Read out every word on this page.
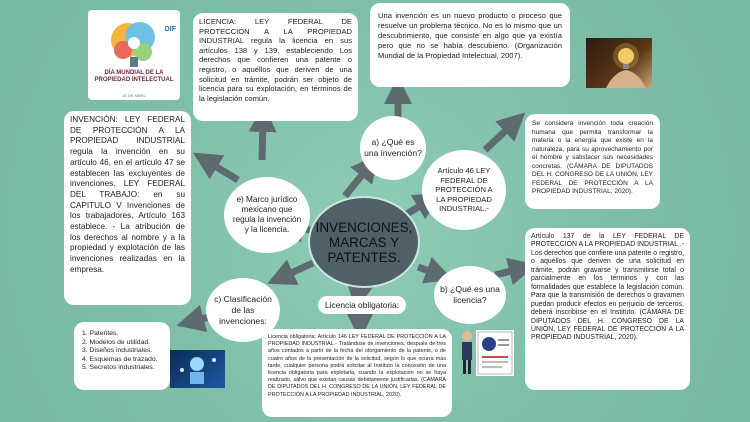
DIF
DÍA MUNDIAL DE LA PROPIEDAD INTELECTUAL
26 DE ABRIL
LICENCIA: LEY FEDERAL DE PROTECCIÓN A LA PROPIEDAD INDUSTRIAL regula la licencia en sus artículos 138 y 139, estableciendo Los derechos que confieren una patente o registro, o aquéllos que deriven de una solicitud en trámite, podrán ser objeto de licencia para su explotación, en términos de la legislación común.
Una invención es un nuevo producto o proceso que resuelve un problema técnico. No es lo mismo que un descubrimiento, que consiste en algo que ya existía pero que no se había descubierto. (Organización Mundial de la Propiedad Intelectual, 2007).
INVENCIÓN: LEY FEDERAL DE PROTECCIÓN A LA PROPIEDAD INDUSTRIAL regula la invención en su artículo 46, en el artículo 47 se establecen las excluyentes de invenciones. LEY FEDERAL DEL TRABAJO: en su CAPITULO V Invenciones de los trabajadores, Artículo 163 establece. - La atribución de los derechos al nombre y a la propiedad y explotación de las invenciones realizadas en la empresa.
a) ¿Qué es una invención?
Artículo 46 LEY FEDERAL DE PROTECCIÓN A LA PROPIEDAD INDUSTRIAL.-
Se considera invención toda creación humana que permita transformar la materia o la energía que existe en la naturaleza, para su aprovechamiento por el hombre y satisfacer sus necesidades concretas. (CÁMARA DE DIPUTADOS DEL H. CONGRESO DE LA UNIÓN, LEY FEDERAL DE PROTECCIÓN A LA PROPIEDAD INDUSTRIAL, 2020).
e) Marco jurídico mexicano que regula la invención y la licencia.	INVENCIONES, MARCAS Y PATENTES.
Artículo 137 de la LEY FEDERAL DE PROTECCIÓN A LA PROPIEDAD INDUSTRIAL .- Los derechos que confiere una patente o registro, o aquéllos que deriven de una solicitud en trámite, podrán gravarse y transmitirse total o parcialmente en los términos y con las formalidades que establece la legislación común. Para que la transmisión de derechos o gravamen puedan producir efectos en perjuicio de terceros, deberá inscribirse en el Instituto. (CÁMARA DE DIPUTADOS DEL H. CONGRESO DE LA UNIÓN, LEY FEDERAL DE PROTECCIÓN A LA PROPIEDAD INDUSTRIAL, 2020).
b) ¿Qué es una licencia?
c) Clasificación de las invenciones:
Licencia obligatoria:
1. Patentes.
2. Modelos de utilidad.
3. Diseños industriales.
4. Esquemas de trazado.
5. Secretos industriales.
Licencia obligatoria: Artículo 146 LEY FEDERAL DE PROTECCIÓN A LA PROPIEDAD INDUSTRIAL.- Tratándose de invenciones, después de tres años contados a partir de la fecha del otorgamiento de la patente, o de cuatro años de la presentación de la solicitud, según lo que ocurra más tarde, cualquier persona podrá solicitar al Instituto la concesión de una licencia obligatoria para explotarla, cuando la explotación no se haya realizado, salvo que existan causas debidamente justificadas. (CÁMARA DE DIPUTADOS DEL H. CONGRESO DE LA UNIÓN, LEY FEDERAL DE PROTECCIÓN A LA PROPIEDAD INDUSTRIAL, 2020).
